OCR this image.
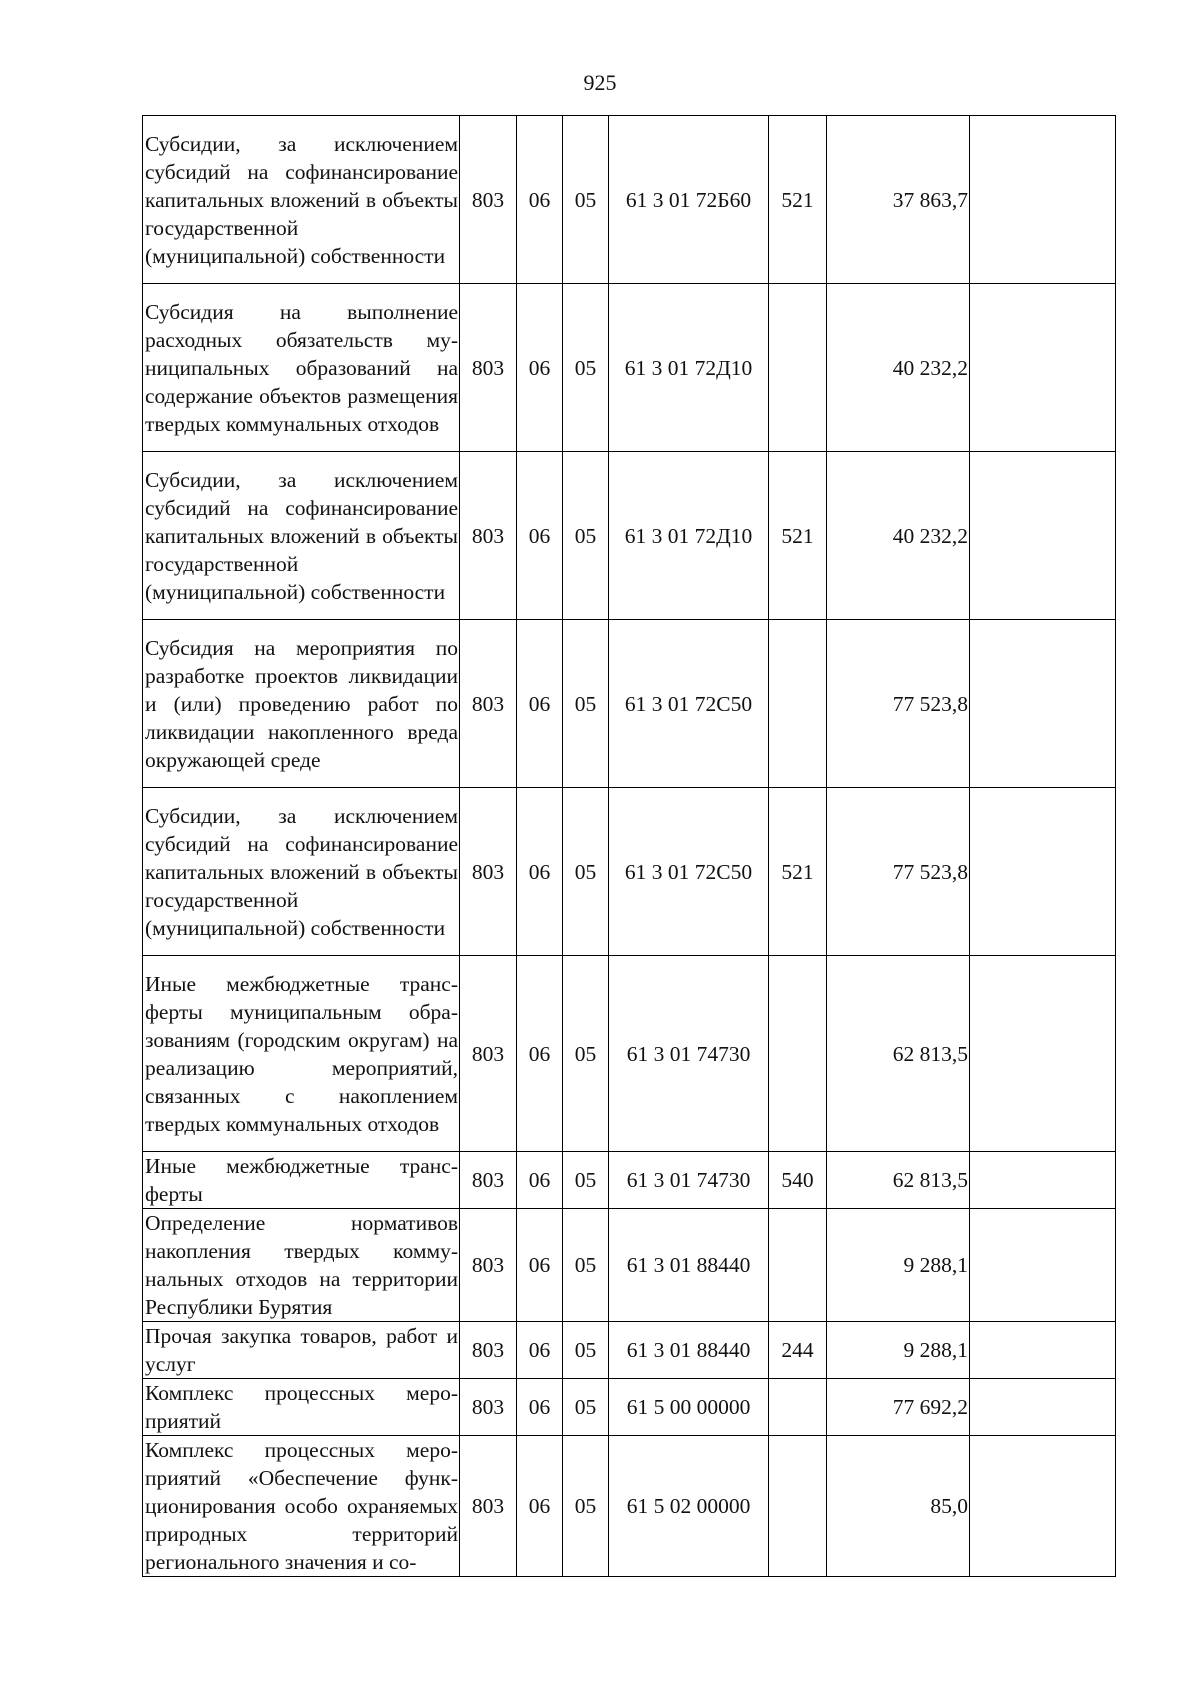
925
Субсидии, за исключением субсидий на софинансирование капитальных вложений в объекты государственной (муниципальной) собственности	803	06	05	61 3 01 72Б60	521	37 863,7	
Субсидия на выполнение расходных обязательств муниципальных образований на содержание объектов размещения твердых коммунальных отходов	803	06	05	61 3 01 72Д10		40 232,2	
Субсидии, за исключением субсидий на софинансирование капитальных вложений в объекты государственной (муниципальной) собственности	803	06	05	61 3 01 72Д10	521	40 232,2	
Субсидия на мероприятия по разработке проектов ликвидации и (или) проведению работ по ликвидации накопленного вреда окружающей среде	803	06	05	61 3 01 72С50		77 523,8	
Субсидии, за исключением субсидий на софинансирование капитальных вложений в объекты государственной (муниципальной) собственности	803	06	05	61 3 01 72С50	521	77 523,8	
Иные межбюджетные трансферты муниципальным образованиям (городским округам) на реализацию мероприятий, связанных с накоплением твердых коммунальных отходов	803	06	05	61 3 01 74730		62 813,5	
Иные межбюджетные трансферты	803	06	05	61 3 01 74730	540	62 813,5	
Определение нормативов накопления твердых коммунальных отходов на территории Республики Бурятия	803	06	05	61 3 01 88440		9 288,1	
Прочая закупка товаров, работ и услуг	803	06	05	61 3 01 88440	244	9 288,1	
Комплекс процессных мероприятий	803	06	05	61 5 00 00000		77 692,2	
Комплекс процессных мероприятий «Обеспечение функционирования особо охраняемых природных территорий регионального значения и со-	803	06	05	61 5 02 00000		85,0	
